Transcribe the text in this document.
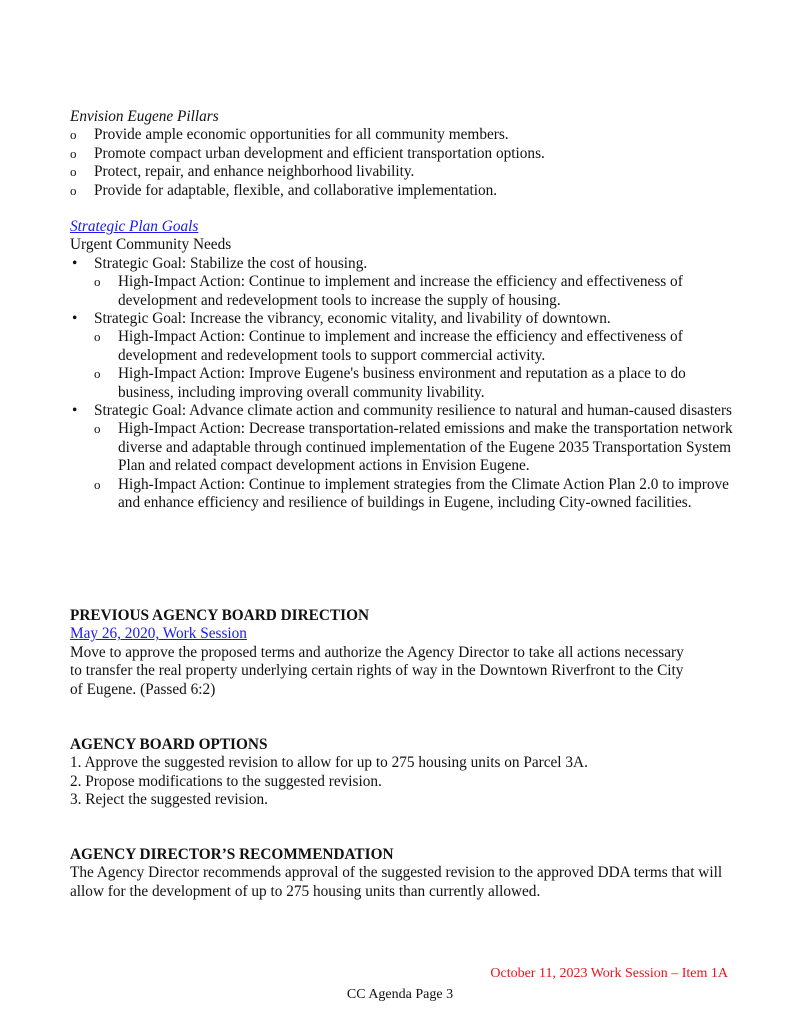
Envision Eugene Pillars
o Provide ample economic opportunities for all community members.
o Promote compact urban development and efficient transportation options.
o Protect, repair, and enhance neighborhood livability.
o Provide for adaptable, flexible, and collaborative implementation.
Strategic Plan Goals
Urgent Community Needs
• Strategic Goal: Stabilize the cost of housing.
o High-Impact Action: Continue to implement and increase the efficiency and effectiveness of development and redevelopment tools to increase the supply of housing.
• Strategic Goal: Increase the vibrancy, economic vitality, and livability of downtown.
o High-Impact Action: Continue to implement and increase the efficiency and effectiveness of development and redevelopment tools to support commercial activity.
o High-Impact Action: Improve Eugene's business environment and reputation as a place to do business, including improving overall community livability.
• Strategic Goal: Advance climate action and community resilience to natural and human-caused disasters
o High-Impact Action: Decrease transportation-related emissions and make the transportation network diverse and adaptable through continued implementation of the Eugene 2035 Transportation System Plan and related compact development actions in Envision Eugene.
o High-Impact Action: Continue to implement strategies from the Climate Action Plan 2.0 to improve and enhance efficiency and resilience of buildings in Eugene, including City-owned facilities.
PREVIOUS AGENCY BOARD DIRECTION
May 26, 2020, Work Session
Move to approve the proposed terms and authorize the Agency Director to take all actions necessary to transfer the real property underlying certain rights of way in the Downtown Riverfront to the City of Eugene. (Passed 6:2)
AGENCY BOARD OPTIONS
1. Approve the suggested revision to allow for up to 275 housing units on Parcel 3A.
2. Propose modifications to the suggested revision.
3. Reject the suggested revision.
AGENCY DIRECTOR’S RECOMMENDATION
The Agency Director recommends approval of the suggested revision to the approved DDA terms that will allow for the development of up to 275 housing units than currently allowed.
October 11, 2023 Work Session – Item 1A
CC Agenda Page 3
